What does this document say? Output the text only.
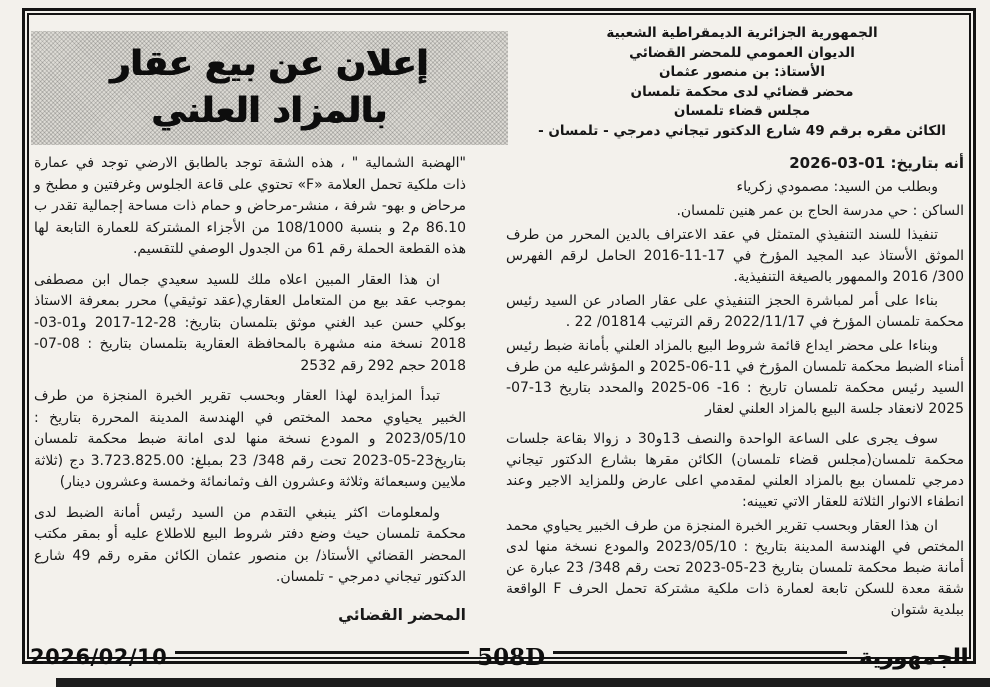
الجمهورية الجزائرية الديمقراطية الشعبية
الديوان العمومي للمحضر القضائي
الأستاذ: بن منصور عثمان
محضر قضائي لدى محكمة تلمسان
مجلس قضاء تلمسان
الكائن مقره برقم 49 شارع الدكتور تيجاني دمرجي - تلمسان -
إعلان عن بيع عقار
بالمزاد العلني

أنه بتاريخ: 01-03-2026

وبطلب من السيد: مصمودي زكرياء

الساكن : حي مدرسة الحاج بن عمر هنين تلمسان.

تنفيذا للسند التنفيذي المتمثل في عقد الاعتراف بالدين المحرر من طرف الموثق الأستاذ عبد المجيد المؤرخ في 17-11-2016 الحامل لرقم الفهرس 300/ 2016 والممهور بالصيغة التنفيذية.

بناءا على أمر لمباشرة الحجز التنفيذي على عقار الصادر عن السيد رئيس محكمة تلمسان المؤرخ في 2022/11/17 رقم الترتيب 01814/ 22 .

وبناءا على محضر ايداع قائمة شروط البيع بالمزاد العلني بأمانة ضبط رئيس أمناء الضبط محكمة تلمسان المؤرخ في 11-06-2025 و المؤشرعليه من طرف السيد رئيس محكمة تلمسان تاريخ : 16- 06-2025 والمحدد بتاريخ 13-07-2025 لانعقاد جلسة البيع بالمزاد العلني لعقار

سوف يجرى على الساعة الواحدة والنصف 13و30 د زوالا بقاعة جلسات محكمة تلمسان(مجلس قضاء تلمسان) الكائن مقرها بشارع الدكتور تيجاني دمرجي تلمسان بيع بالمزاد العلني لمقدمي اعلى عارض وللمزايد الاجير وعند انطفاء الانوار الثلاثة للعقار الاتي تعيينه:

ان هذا العقار وبحسب تقرير الخبرة المنجزة من طرف الخبير يحياوي محمد المختص في الهندسة المدينة بتاريخ : 2023/05/10 والمودع نسخة منها لدى أمانة ضبط محكمة تلمسان بتاريخ 23-05-2023 تحت رقم 348/ 23 عبارة عن شقة معدة للسكن تابعة لعمارة ذات ملكية مشتركة تحمل الحرف F الواقعة ببلدية شتوان

"الهضبة الشمالية " ، هذه الشقة توجد بالطابق الارضي توجد في عمارة ذات ملكية تحمل العلامة «F» تحتوي على قاعة الجلوس وغرفتين و مطبخ و مرحاض و بهو- شرفة ، منشر-مرحاض و حمام ذات مساحة إجمالية تقدر ب 86.10 م2 و بنسبة 108/1000 من الأجزاء المشتركة للعمارة التابعة لها هذه القطعة الحملة رقم 61 من الجدول الوصفي للتقسيم.

ان هذا العقار المبين اعلاه ملك للسيد سعيدي جمال ابن مصطفى بموجب عقد بيع من المتعامل العقاري(عقد توثيقي) محرر بمعرفة الاستاذ بوكلي حسن عبد الغني موثق بتلمسان بتاريخ: 28-12-2017 و01-03-2018 نسخة منه مشهرة بالمحافظة العقارية بتلمسان بتاريخ : 08-07-2018 حجم 292 رقم 2532

تبدأ المزايدة لهذا العقار وبحسب تقرير الخبرة المنجزة من طرف الخبير يحياوي محمد المختص في الهندسة المدينة المحررة بتاريخ : 2023/05/10 و المودع نسخة منها لدى امانة ضبط محكمة تلمسان بتاريخ23-05-2023 تحت رقم 348/ 23 بمبلغ: 3.723.825.00 دج (ثلاثة ملايين وسبعمائة وثلاثة وعشرون الف وثمانمائة وخمسة وعشرون دينار)

ولمعلومات اكثر ينبغي التقدم من السيد رئيس أمانة الضبط لدى محكمة تلمسان حيث وضع دفتر شروط البيع للاطلاع عليه أو بمقر مكتب المحضر القضائي الأستاذ/ بن منصور عثمان الكائن مقره رقم 49 شارع الدكتور تيجاني دمرجي - تلمسان.

المحضر القضائي

2026/02/10	508D	الجمهورية
